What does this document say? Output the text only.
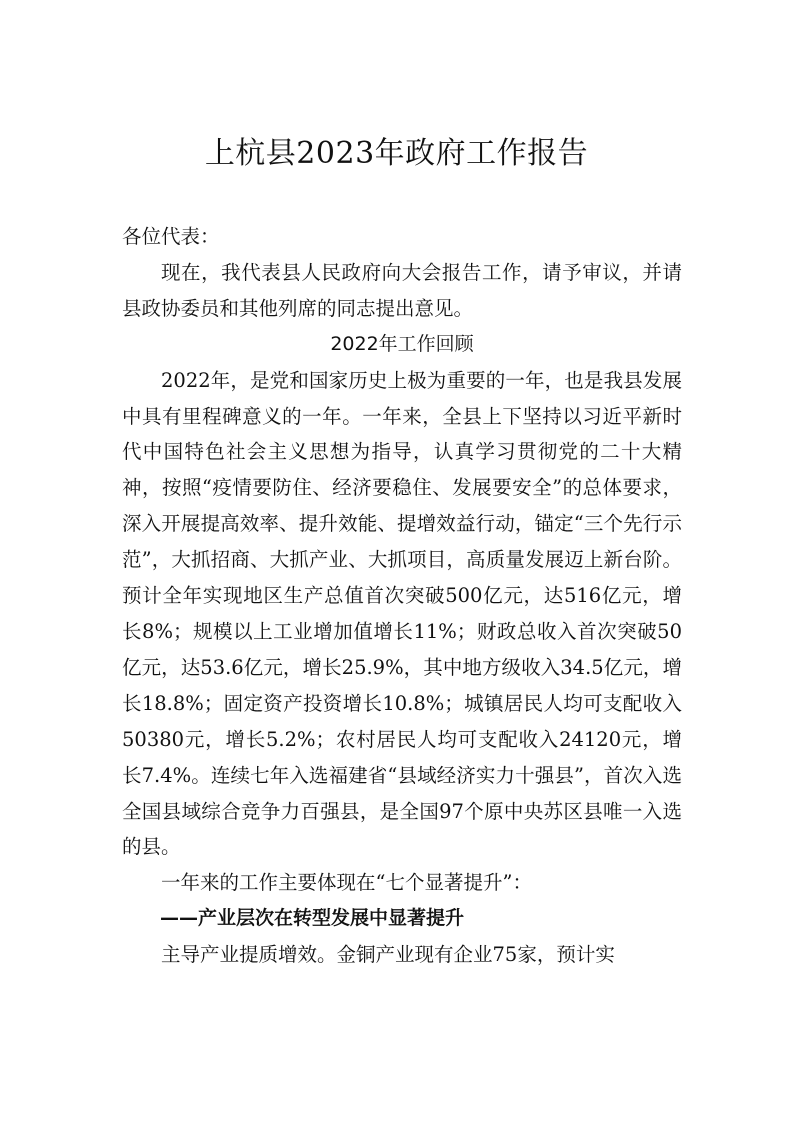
上杭县2023年政府工作报告

各位代表：

现在，我代表县人民政府向大会报告工作，请予审议，并请县政协委员和其他列席的同志提出意见。

2022年工作回顾

2022年，是党和国家历史上极为重要的一年，也是我县发展中具有里程碑意义的一年。一年来，全县上下坚持以习近平新时代中国特色社会主义思想为指导，认真学习贯彻党的二十大精神，按照“疫情要防住、经济要稳住、发展要安全”的总体要求，深入开展提高效率、提升效能、提增效益行动，锚定“三个先行示范”，大抓招商、大抓产业、大抓项目，高质量发展迈上新台阶。预计全年实现地区生产总值首次突破500亿元，达516亿元，增长8%；规模以上工业增加值增长11%；财政总收入首次突破50亿元，达53.6亿元，增长25.9%，其中地方级收入34.5亿元，增长18.8%；固定资产投资增长10.8%；城镇居民人均可支配收入50380元，增长5.2%；农村居民人均可支配收入24120元，增长7.4%。连续七年入选福建省“县域经济实力十强县”，首次入选全国县域综合竞争力百强县，是全国97个原中央苏区县唯一入选的县。

一年来的工作主要体现在“七个显著提升”：

——产业层次在转型发展中显著提升

主导产业提质增效。金铜产业现有企业75家，预计实
